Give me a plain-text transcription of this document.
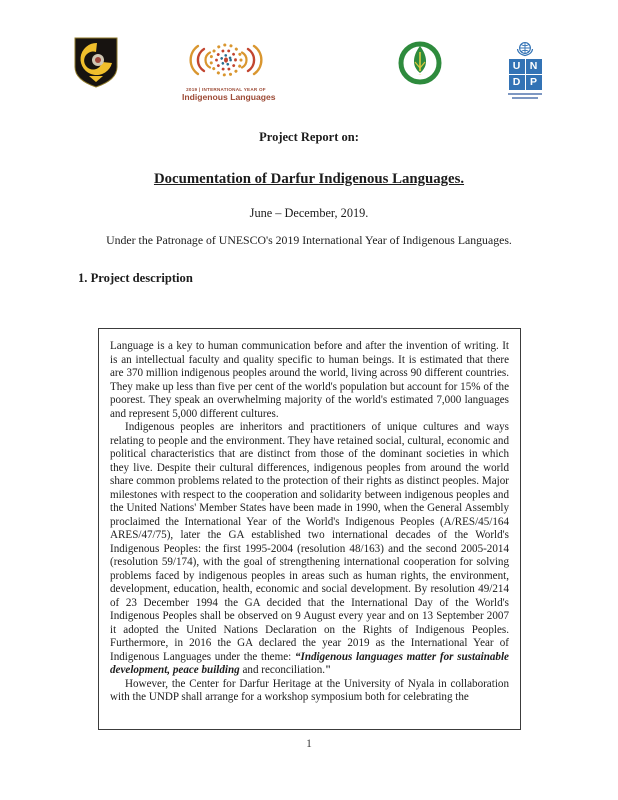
2019 | INTERNATIONAL YEAR OF
Indigenous Languages
U N
D P
Project Report on:
Documentation of Darfur Indigenous Languages.
June – December, 2019.
Under the Patronage of UNESCO's 2019 International Year of Indigenous Languages.
1. Project description

Language is a key to human communication before and after the invention of writing. It is an intellectual faculty and quality specific to human beings. It is estimated that there are 370 million indigenous peoples around the world, living across 90 different countries. They make up less than five per cent of the world's population but account for 15% of the poorest. They speak an overwhelming majority of the world's estimated 7,000 languages and represent 5,000 different cultures.

Indigenous peoples are inheritors and practitioners of unique cultures and ways relating to people and the environment. They have retained social, cultural, economic and political characteristics that are distinct from those of the dominant societies in which they live. Despite their cultural differences, indigenous peoples from around the world share common problems related to the protection of their rights as distinct peoples. Major milestones with respect to the cooperation and solidarity between indigenous peoples and the United Nations' Member States have been made in 1990, when the General Assembly proclaimed the International Year of the World's Indigenous Peoples (A/RES/45/164 ARES/47/75), later the GA established two international decades of the World's Indigenous Peoples: the first 1995-2004 (resolution 48/163) and the second 2005-2014 (resolution 59/174), with the goal of strengthening international cooperation for solving problems faced by indigenous peoples in areas such as human rights, the environment, development, education, health, economic and social development. By resolution 49/214 of 23 December 1994 the GA decided that the International Day of the World's Indigenous Peoples shall be observed on 9 August every year and on 13 September 2007 it adopted the United Nations Declaration on the Rights of Indigenous Peoples. Furthermore, in 2016 the GA declared the year 2019 as the International Year of Indigenous Languages under the theme: “Indigenous languages matter for sustainable development, peace building and reconciliation."

However, the Center for Darfur Heritage at the University of Nyala in collaboration with the UNDP shall arrange for a workshop symposium both for celebrating the

1
